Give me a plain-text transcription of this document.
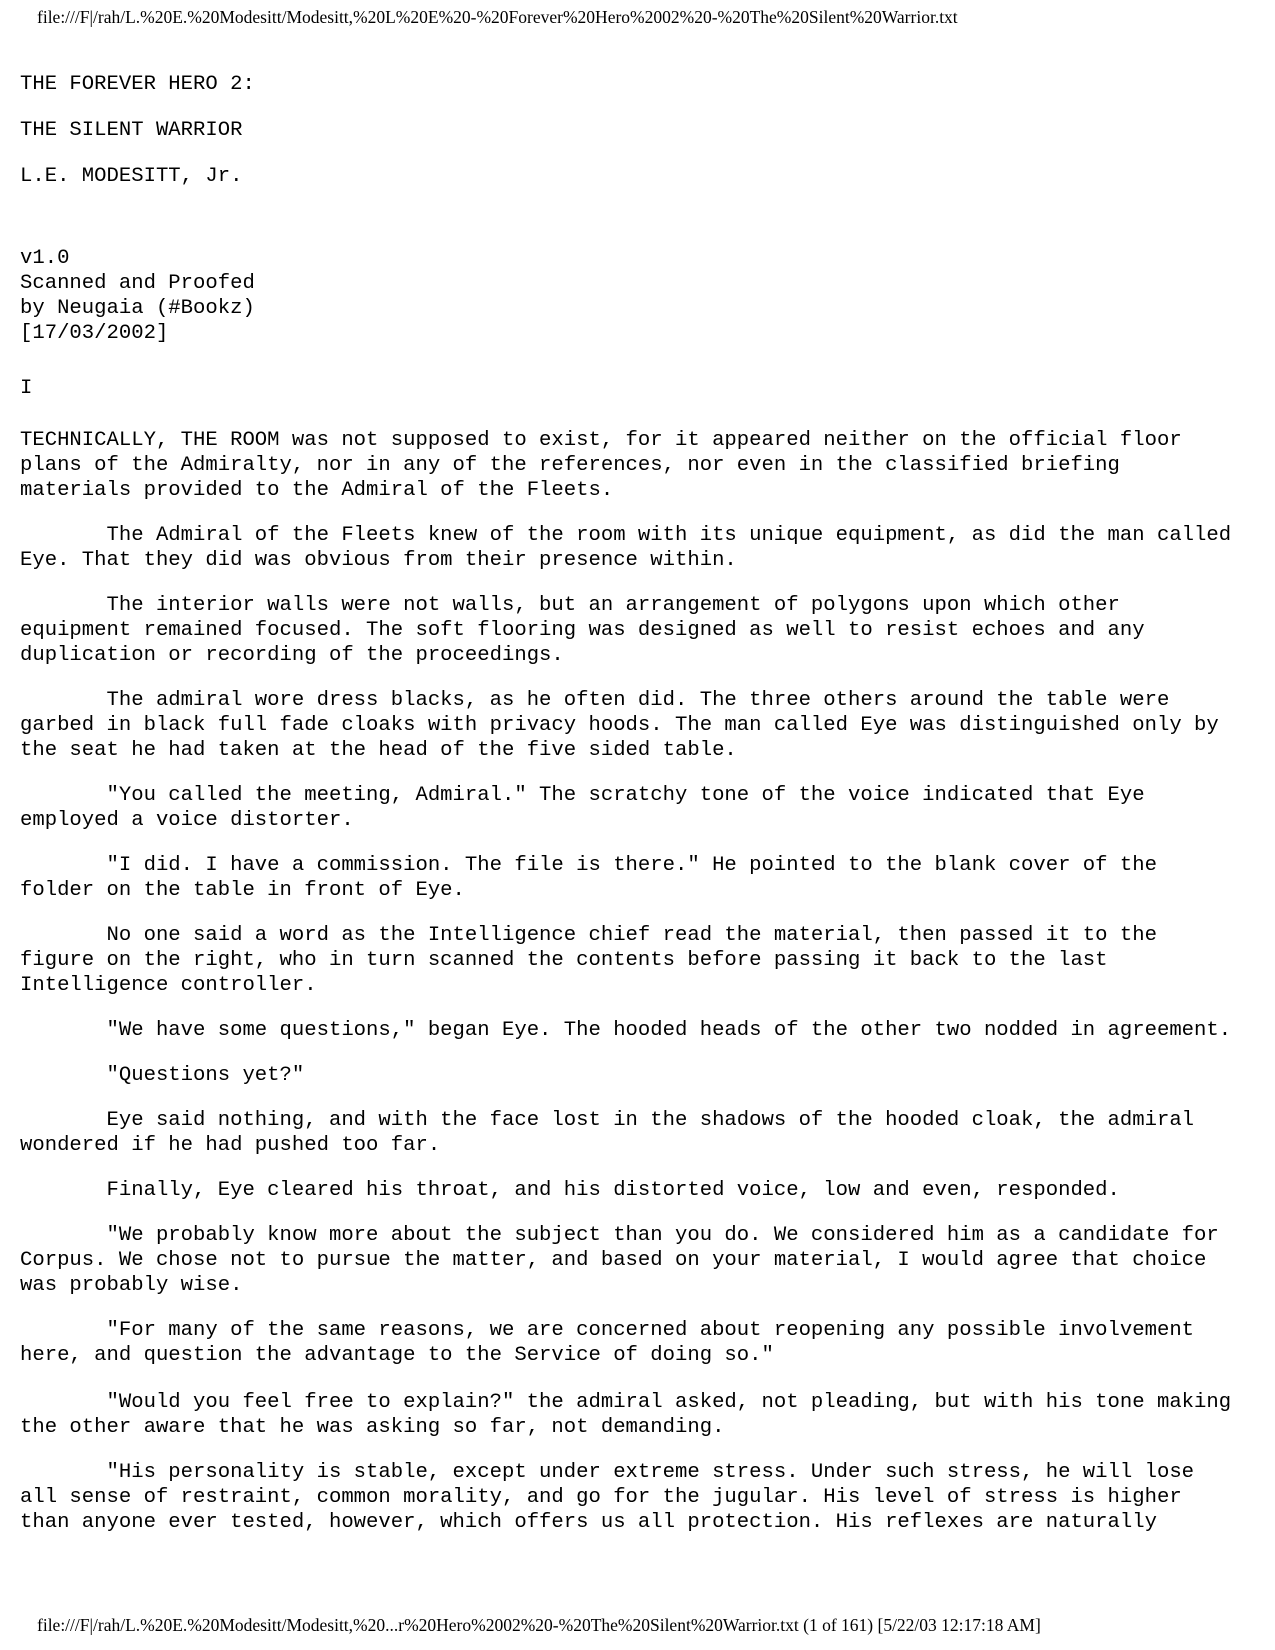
file:///F|/rah/L.%20E.%20Modesitt/Modesitt,%20L%20E%20-%20Forever%20Hero%2002%20-%20The%20Silent%20Warrior.txt
THE FOREVER HERO 2:
THE SILENT WARRIOR
L.E. MODESITT, Jr.
v1.0
Scanned and Proofed
by Neugaia (#Bookz)
[17/03/2002]
I
TECHNICALLY, THE ROOM was not supposed to exist, for it appeared neither on the official floor
plans of the Admiralty, nor in any of the references, nor even in the classified briefing
materials provided to the Admiral of the Fleets.
The Admiral of the Fleets knew of the room with its unique equipment, as did the man called
Eye. That they did was obvious from their presence within.
The interior walls were not walls, but an arrangement of polygons upon which other
equipment remained focused. The soft flooring was designed as well to resist echoes and any
duplication or recording of the proceedings.
The admiral wore dress blacks, as he often did. The three others around the table were
garbed in black full fade cloaks with privacy hoods. The man called Eye was distinguished only by
the seat he had taken at the head of the five sided table.
"You called the meeting, Admiral." The scratchy tone of the voice indicated that Eye
employed a voice distorter.
"I did. I have a commission. The file is there." He pointed to the blank cover of the
folder on the table in front of Eye.
No one said a word as the Intelligence chief read the material, then passed it to the
figure on the right, who in turn scanned the contents before passing it back to the last
Intelligence controller.
"We have some questions," began Eye. The hooded heads of the other two nodded in agreement.
"Questions yet?"
Eye said nothing, and with the face lost in the shadows of the hooded cloak, the admiral
wondered if he had pushed too far.
Finally, Eye cleared his throat, and his distorted voice, low and even, responded.
"We probably know more about the subject than you do. We considered him as a candidate for
Corpus. We chose not to pursue the matter, and based on your material, I would agree that choice
was probably wise.
"For many of the same reasons, we are concerned about reopening any possible involvement
here, and question the advantage to the Service of doing so."
"Would you feel free to explain?" the admiral asked, not pleading, but with his tone making
the other aware that he was asking so far, not demanding.
"His personality is stable, except under extreme stress. Under such stress, he will lose
all sense of restraint, common morality, and go for the jugular. His level of stress is higher
than anyone ever tested, however, which offers us all protection. His reflexes are naturally
file:///F|/rah/L.%20E.%20Modesitt/Modesitt,%20...r%20Hero%2002%20-%20The%20Silent%20Warrior.txt (1 of 161) [5/22/03 12:17:18 AM]
